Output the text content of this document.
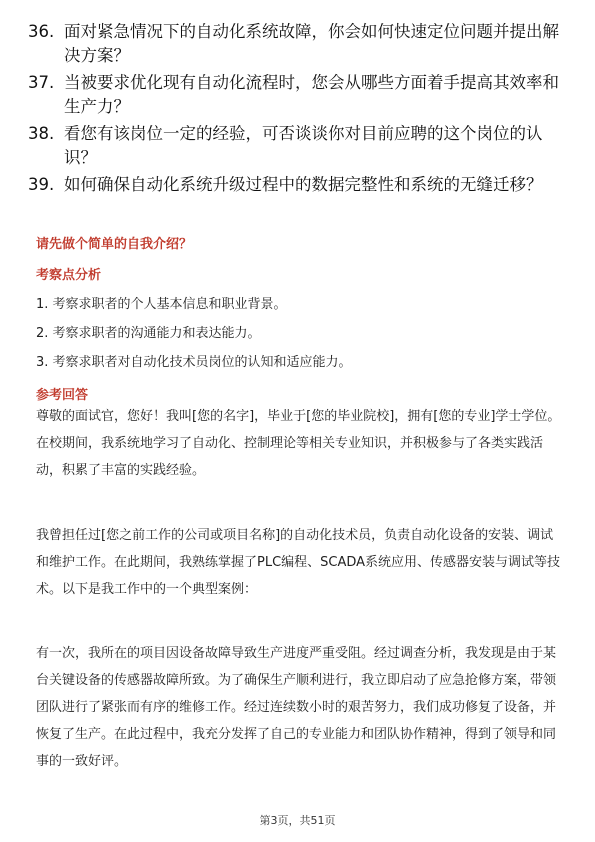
36. 面对紧急情况下的自动化系统故障，你会如何快速定位问题并提出解决方案？
37. 当被要求优化现有自动化流程时，您会从哪些方面着手提高其效率和生产力？
38. 看您有该岗位一定的经验，可否谈谈你对目前应聘的这个岗位的认识？
39. 如何确保自动化系统升级过程中的数据完整性和系统的无缝迁移？
请先做个简单的自我介绍？
考察点分析
1. 考察求职者的个人基本信息和职业背景。
2. 考察求职者的沟通能力和表达能力。
3. 考察求职者对自动化技术员岗位的认知和适应能力。
参考回答
尊敬的面试官，您好！我叫[您的名字]，毕业于[您的毕业院校]，拥有[您的专业]学士学位。在校期间，我系统地学习了自动化、控制理论等相关专业知识，并积极参与了各类实践活动，积累了丰富的实践经验。
我曾担任过[您之前工作的公司或项目名称]的自动化技术员，负责自动化设备的安装、调试和维护工作。在此期间，我熟练掌握了PLC编程、SCADA系统应用、传感器安装与调试等技术。以下是我工作中的一个典型案例：
有一次，我所在的项目因设备故障导致生产进度严重受阻。经过调查分析，我发现是由于某台关键设备的传感器故障所致。为了确保生产顺利进行，我立即启动了应急抢修方案，带领团队进行了紧张而有序的维修工作。经过连续数小时的艰苦努力，我们成功修复了设备，并恢复了生产。在此过程中，我充分发挥了自己的专业能力和团队协作精神，得到了领导和同事的一致好评。
第3页，共51页
